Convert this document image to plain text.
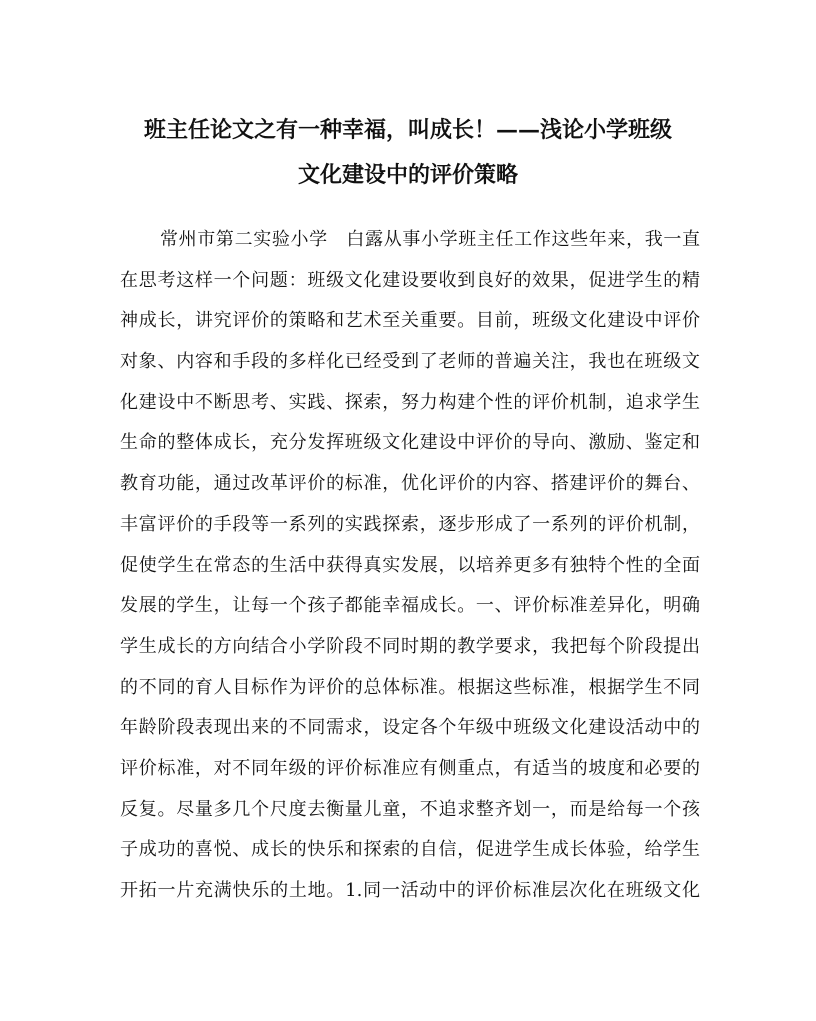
班主任论文之有一种幸福，叫成长！——浅论小学班级
文化建设中的评价策略
常州市第二实验小学　白露从事小学班主任工作这些年来，我一直
在思考这样一个问题：班级文化建设要收到良好的效果，促进学生的精
神成长，讲究评价的策略和艺术至关重要。目前，班级文化建设中评价
对象、内容和手段的多样化已经受到了老师的普遍关注，我也在班级文
化建设中不断思考、实践、探索，努力构建个性的评价机制，追求学生
生命的整体成长，充分发挥班级文化建设中评价的导向、激励、鉴定和
教育功能，通过改革评价的标准，优化评价的内容、搭建评价的舞台、
丰富评价的手段等一系列的实践探索，逐步形成了一系列的评价机制，
促使学生在常态的生活中获得真实发展，以培养更多有独特个性的全面
发展的学生，让每一个孩子都能幸福成长。一、评价标准差异化，明确
学生成长的方向结合小学阶段不同时期的教学要求，我把每个阶段提出
的不同的育人目标作为评价的总体标准。根据这些标准，根据学生不同
年龄阶段表现出来的不同需求，设定各个年级中班级文化建设活动中的
评价标准，对不同年级的评价标准应有侧重点，有适当的坡度和必要的
反复。尽量多几个尺度去衡量儿童，不追求整齐划一，而是给每一个孩
子成功的喜悦、成长的快乐和探索的自信，促进学生成长体验，给学生
开拓一片充满快乐的土地。1.同一活动中的评价标准层次化在班级文化
